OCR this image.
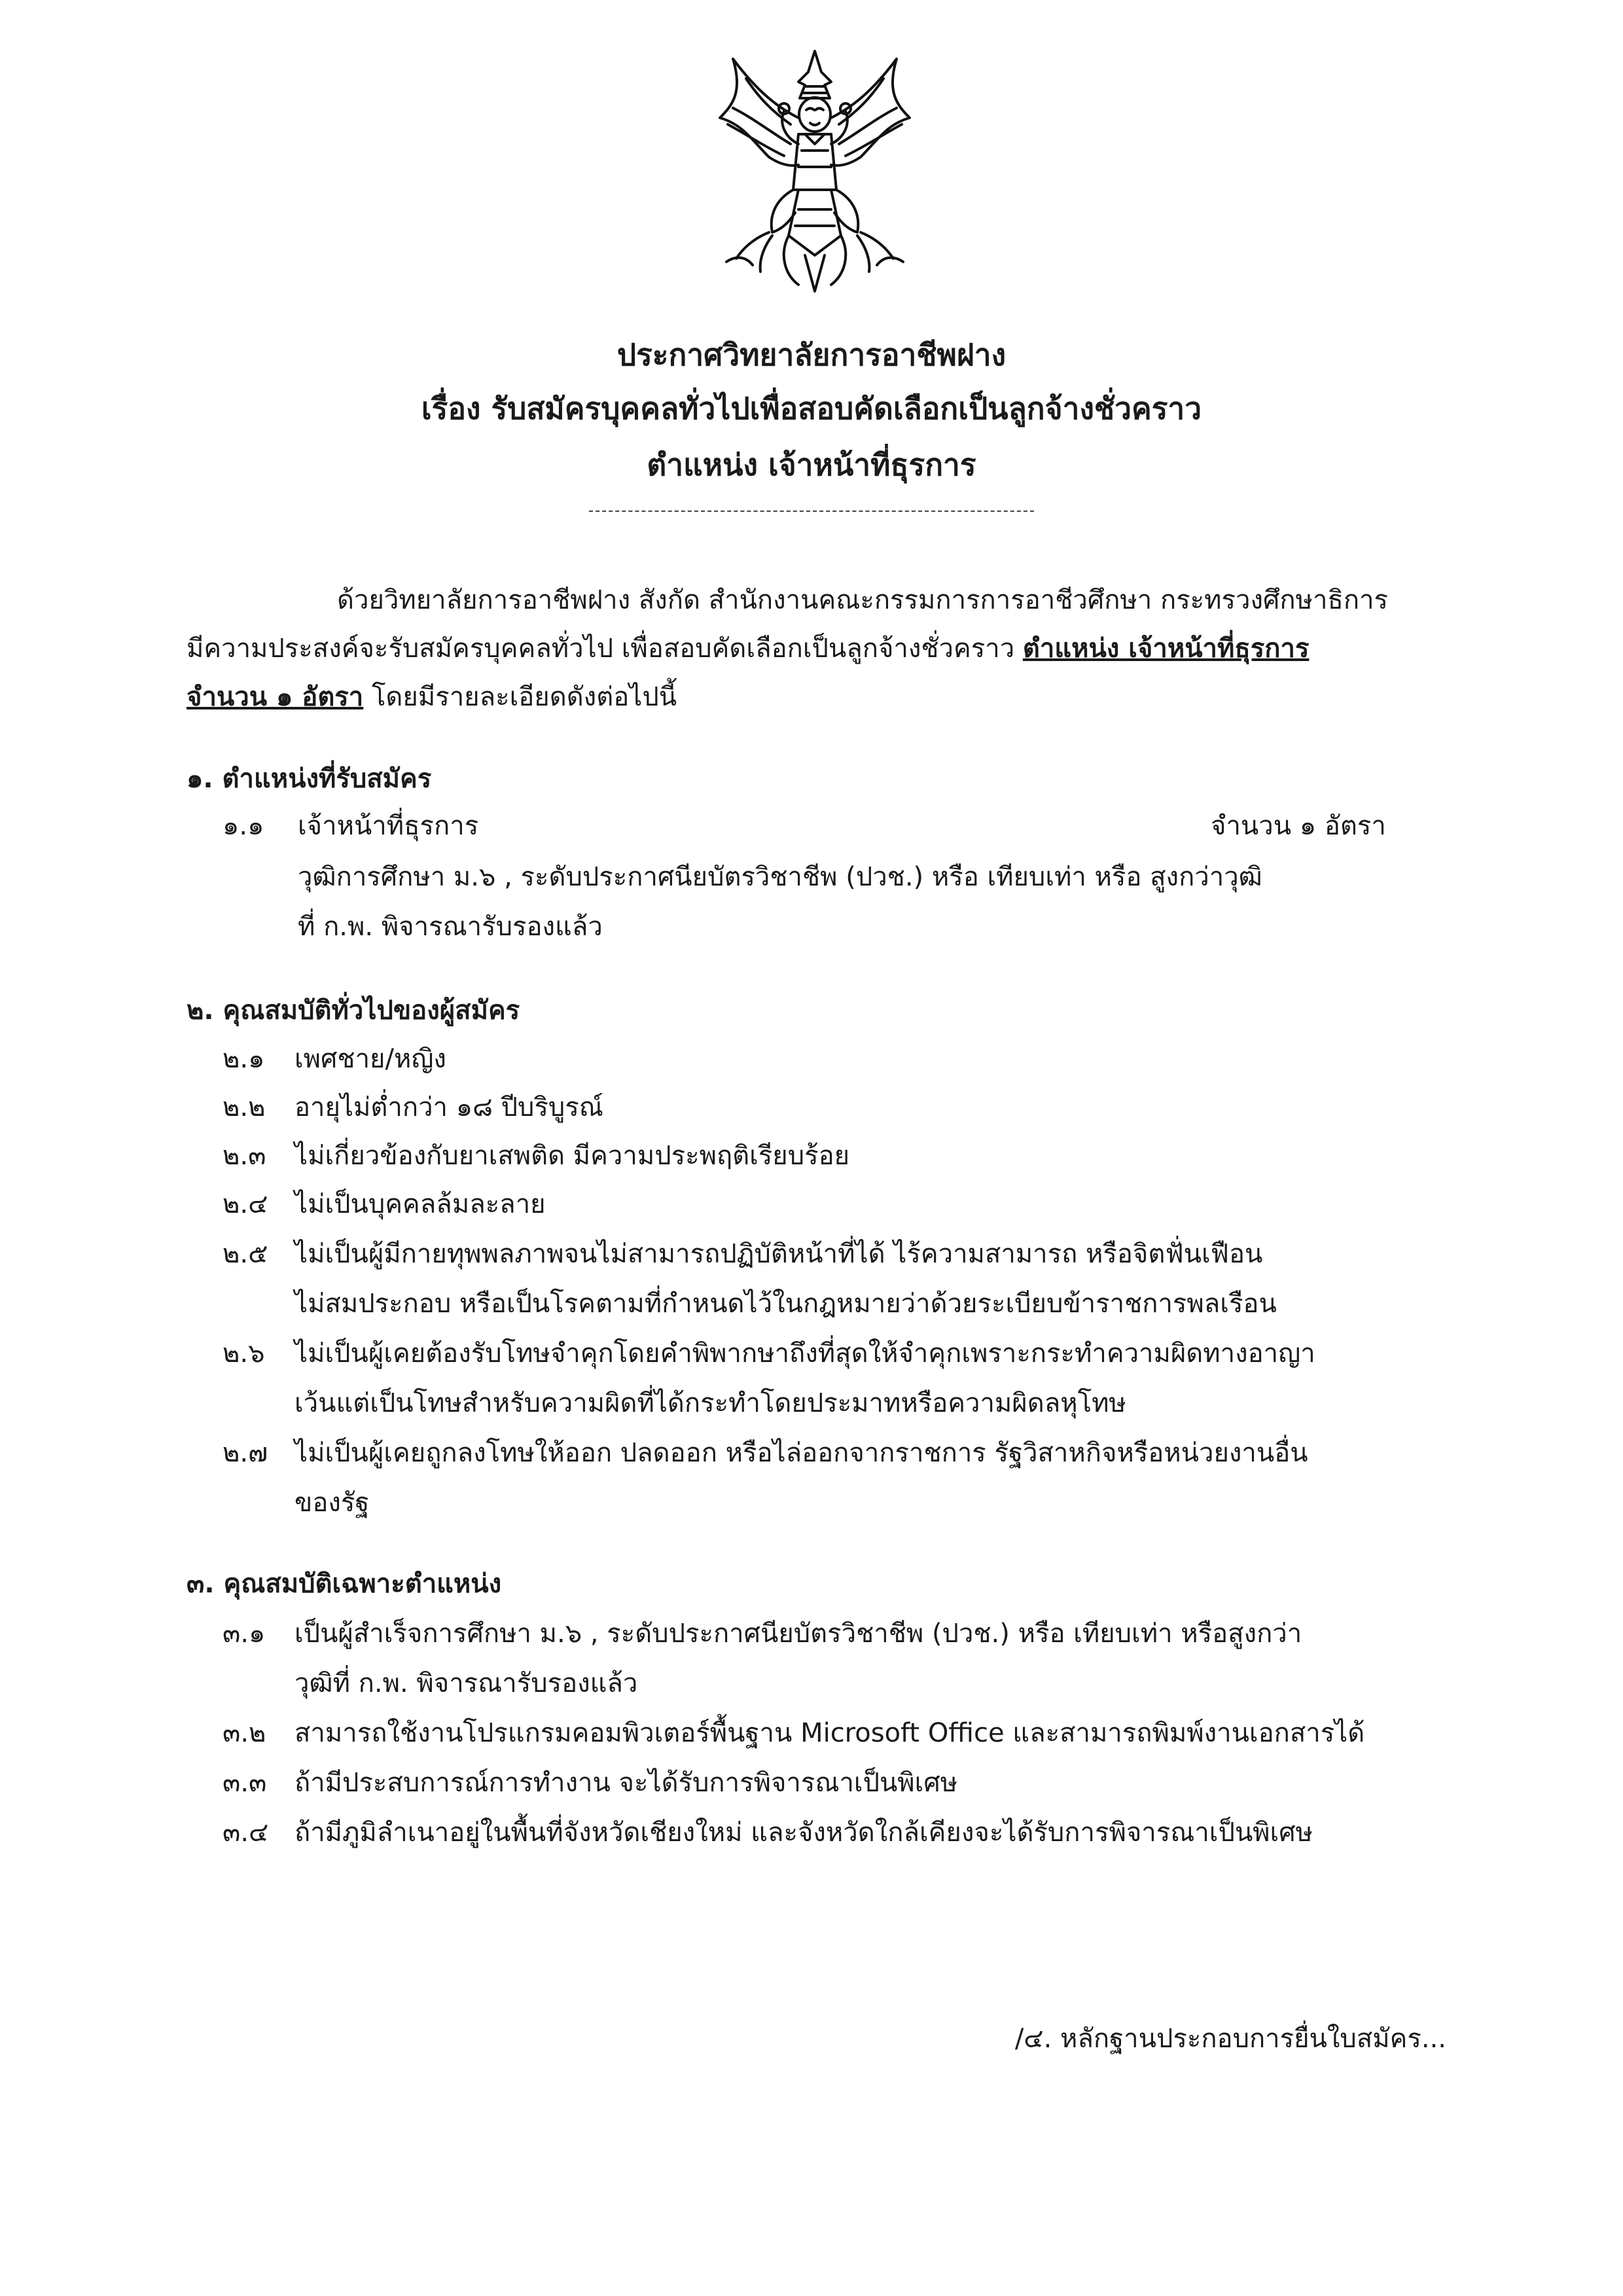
ประกาศวิทยาลัยการอาชีพฝาง
เรื่อง รับสมัครบุคคลทั่วไปเพื่อสอบคัดเลือกเป็นลูกจ้างชั่วคราว
ตำแหน่ง เจ้าหน้าที่ธุรการ

ด้วยวิทยาลัยการอาชีพฝาง สังกัด สำนักงานคณะกรรมการการอาชีวศึกษา กระทรวงศึกษาธิการ

มีความประสงค์จะรับสมัครบุคคลทั่วไป เพื่อสอบคัดเลือกเป็นลูกจ้างชั่วคราว ตำแหน่ง เจ้าหน้าที่ธุรการ

จำนวน ๑ อัตรา โดยมีรายละเอียดดังต่อไปนี้

๑. ตำแหน่งที่รับสมัคร
๑.๑ เจ้าหน้าที่ธุรการ	จำนวน ๑ อัตรา
วุฒิการศึกษา ม.๖ , ระดับประกาศนียบัตรวิชาชีพ (ปวช.) หรือ เทียบเท่า หรือ สูงกว่าวุฒิ
ที่ ก.พ. พิจารณารับรองแล้ว
๒. คุณสมบัติทั่วไปของผู้สมัคร
๒.๑ เพศชาย/หญิง
๒.๒ อายุไม่ต่ำกว่า ๑๘ ปีบริบูรณ์
๒.๓ ไม่เกี่ยวข้องกับยาเสพติด มีความประพฤติเรียบร้อย
๒.๔ ไม่เป็นบุคคลล้มละลาย
๒.๕ ไม่เป็นผู้มีกายทุพพลภาพจนไม่สามารถปฏิบัติหน้าที่ได้ ไร้ความสามารถ หรือจิตฟั่นเฟือน
ไม่สมประกอบ หรือเป็นโรคตามที่กำหนดไว้ในกฎหมายว่าด้วยระเบียบข้าราชการพลเรือน
๒.๖ ไม่เป็นผู้เคยต้องรับโทษจำคุกโดยคำพิพากษาถึงที่สุดให้จำคุกเพราะกระทำความผิดทางอาญา
เว้นแต่เป็นโทษสำหรับความผิดที่ได้กระทำโดยประมาทหรือความผิดลหุโทษ
๒.๗ ไม่เป็นผู้เคยถูกลงโทษให้ออก ปลดออก หรือไล่ออกจากราชการ รัฐวิสาหกิจหรือหน่วยงานอื่น
ของรัฐ
๓. คุณสมบัติเฉพาะตำแหน่ง
๓.๑ เป็นผู้สำเร็จการศึกษา ม.๖ , ระดับประกาศนียบัตรวิชาชีพ (ปวช.) หรือ เทียบเท่า หรือสูงกว่า
วุฒิที่ ก.พ. พิจารณารับรองแล้ว
๓.๒ สามารถใช้งานโปรแกรมคอมพิวเตอร์พื้นฐาน Microsoft Office และสามารถพิมพ์งานเอกสารได้
๓.๓ ถ้ามีประสบการณ์การทำงาน จะได้รับการพิจารณาเป็นพิเศษ
๓.๔ ถ้ามีภูมิลำเนาอยู่ในพื้นที่จังหวัดเชียงใหม่ และจังหวัดใกล้เคียงจะได้รับการพิจารณาเป็นพิเศษ
/๔. หลักฐานประกอบการยื่นใบสมัคร...
